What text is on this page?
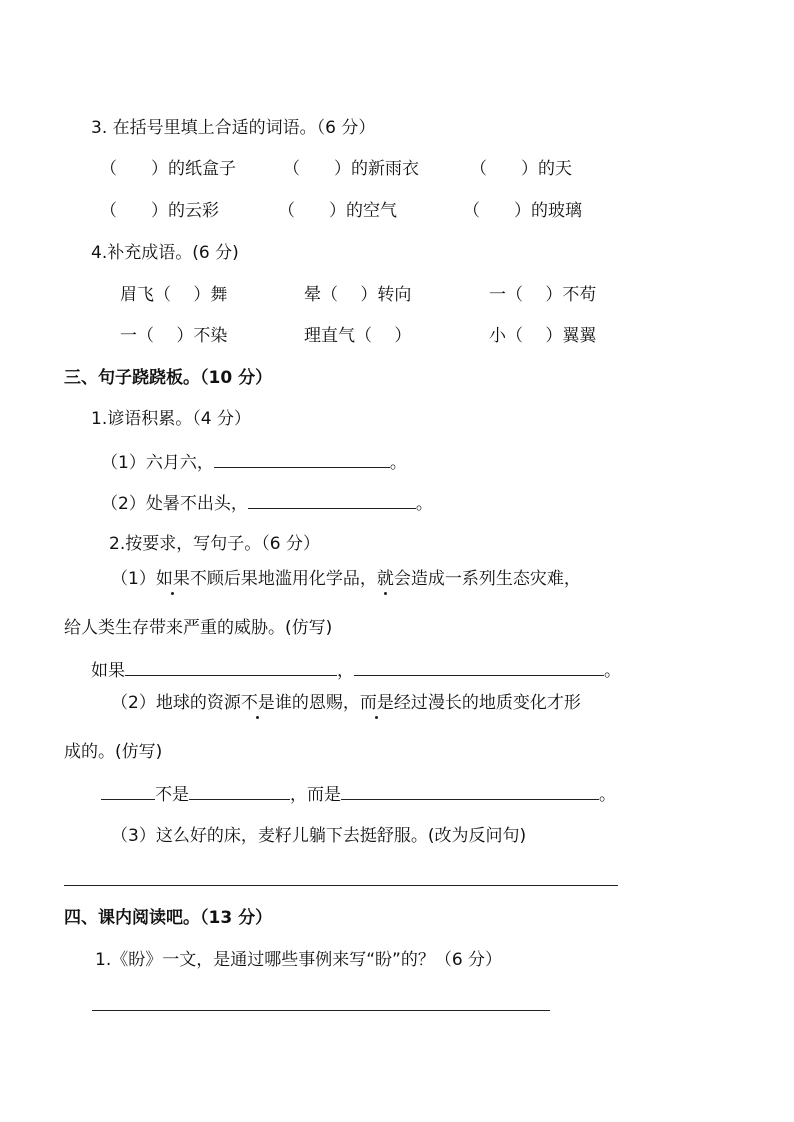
3. 在括号里填上合适的词语。（6 分）
（　　）的纸盒子	（　　）的新雨衣	（　　）的天
（　　）的云彩	（　　）的空气	（　　）的玻璃
4.补充成语。(6 分)
眉飞（　 ）舞	晕（　 ）转向	一（　 ）不苟
一（　 ）不染	理直气（　 ）	小（　 ）翼翼
三、句子跷跷板。（10 分）
1.谚语积累。（4 分）
（1）六月六，	。
（2）处暑不出头，	。
2.按要求，写句子。（6 分）
（1）如果不顾后果地滥用化学品，就会造成一系列生态灾难，
给人类生存带来严重的威胁。(仿写)
如果	，	。
（2）地球的资源不是谁的恩赐，而是经过漫长的地质变化才形
成的。(仿写)
不是	，而是	。
（3）这么好的床，麦籽儿躺下去挺舒服。(改为反问句)
四、课内阅读吧。（13 分）
1.《盼》一文，是通过哪些事例来写“盼”的？（6 分）
